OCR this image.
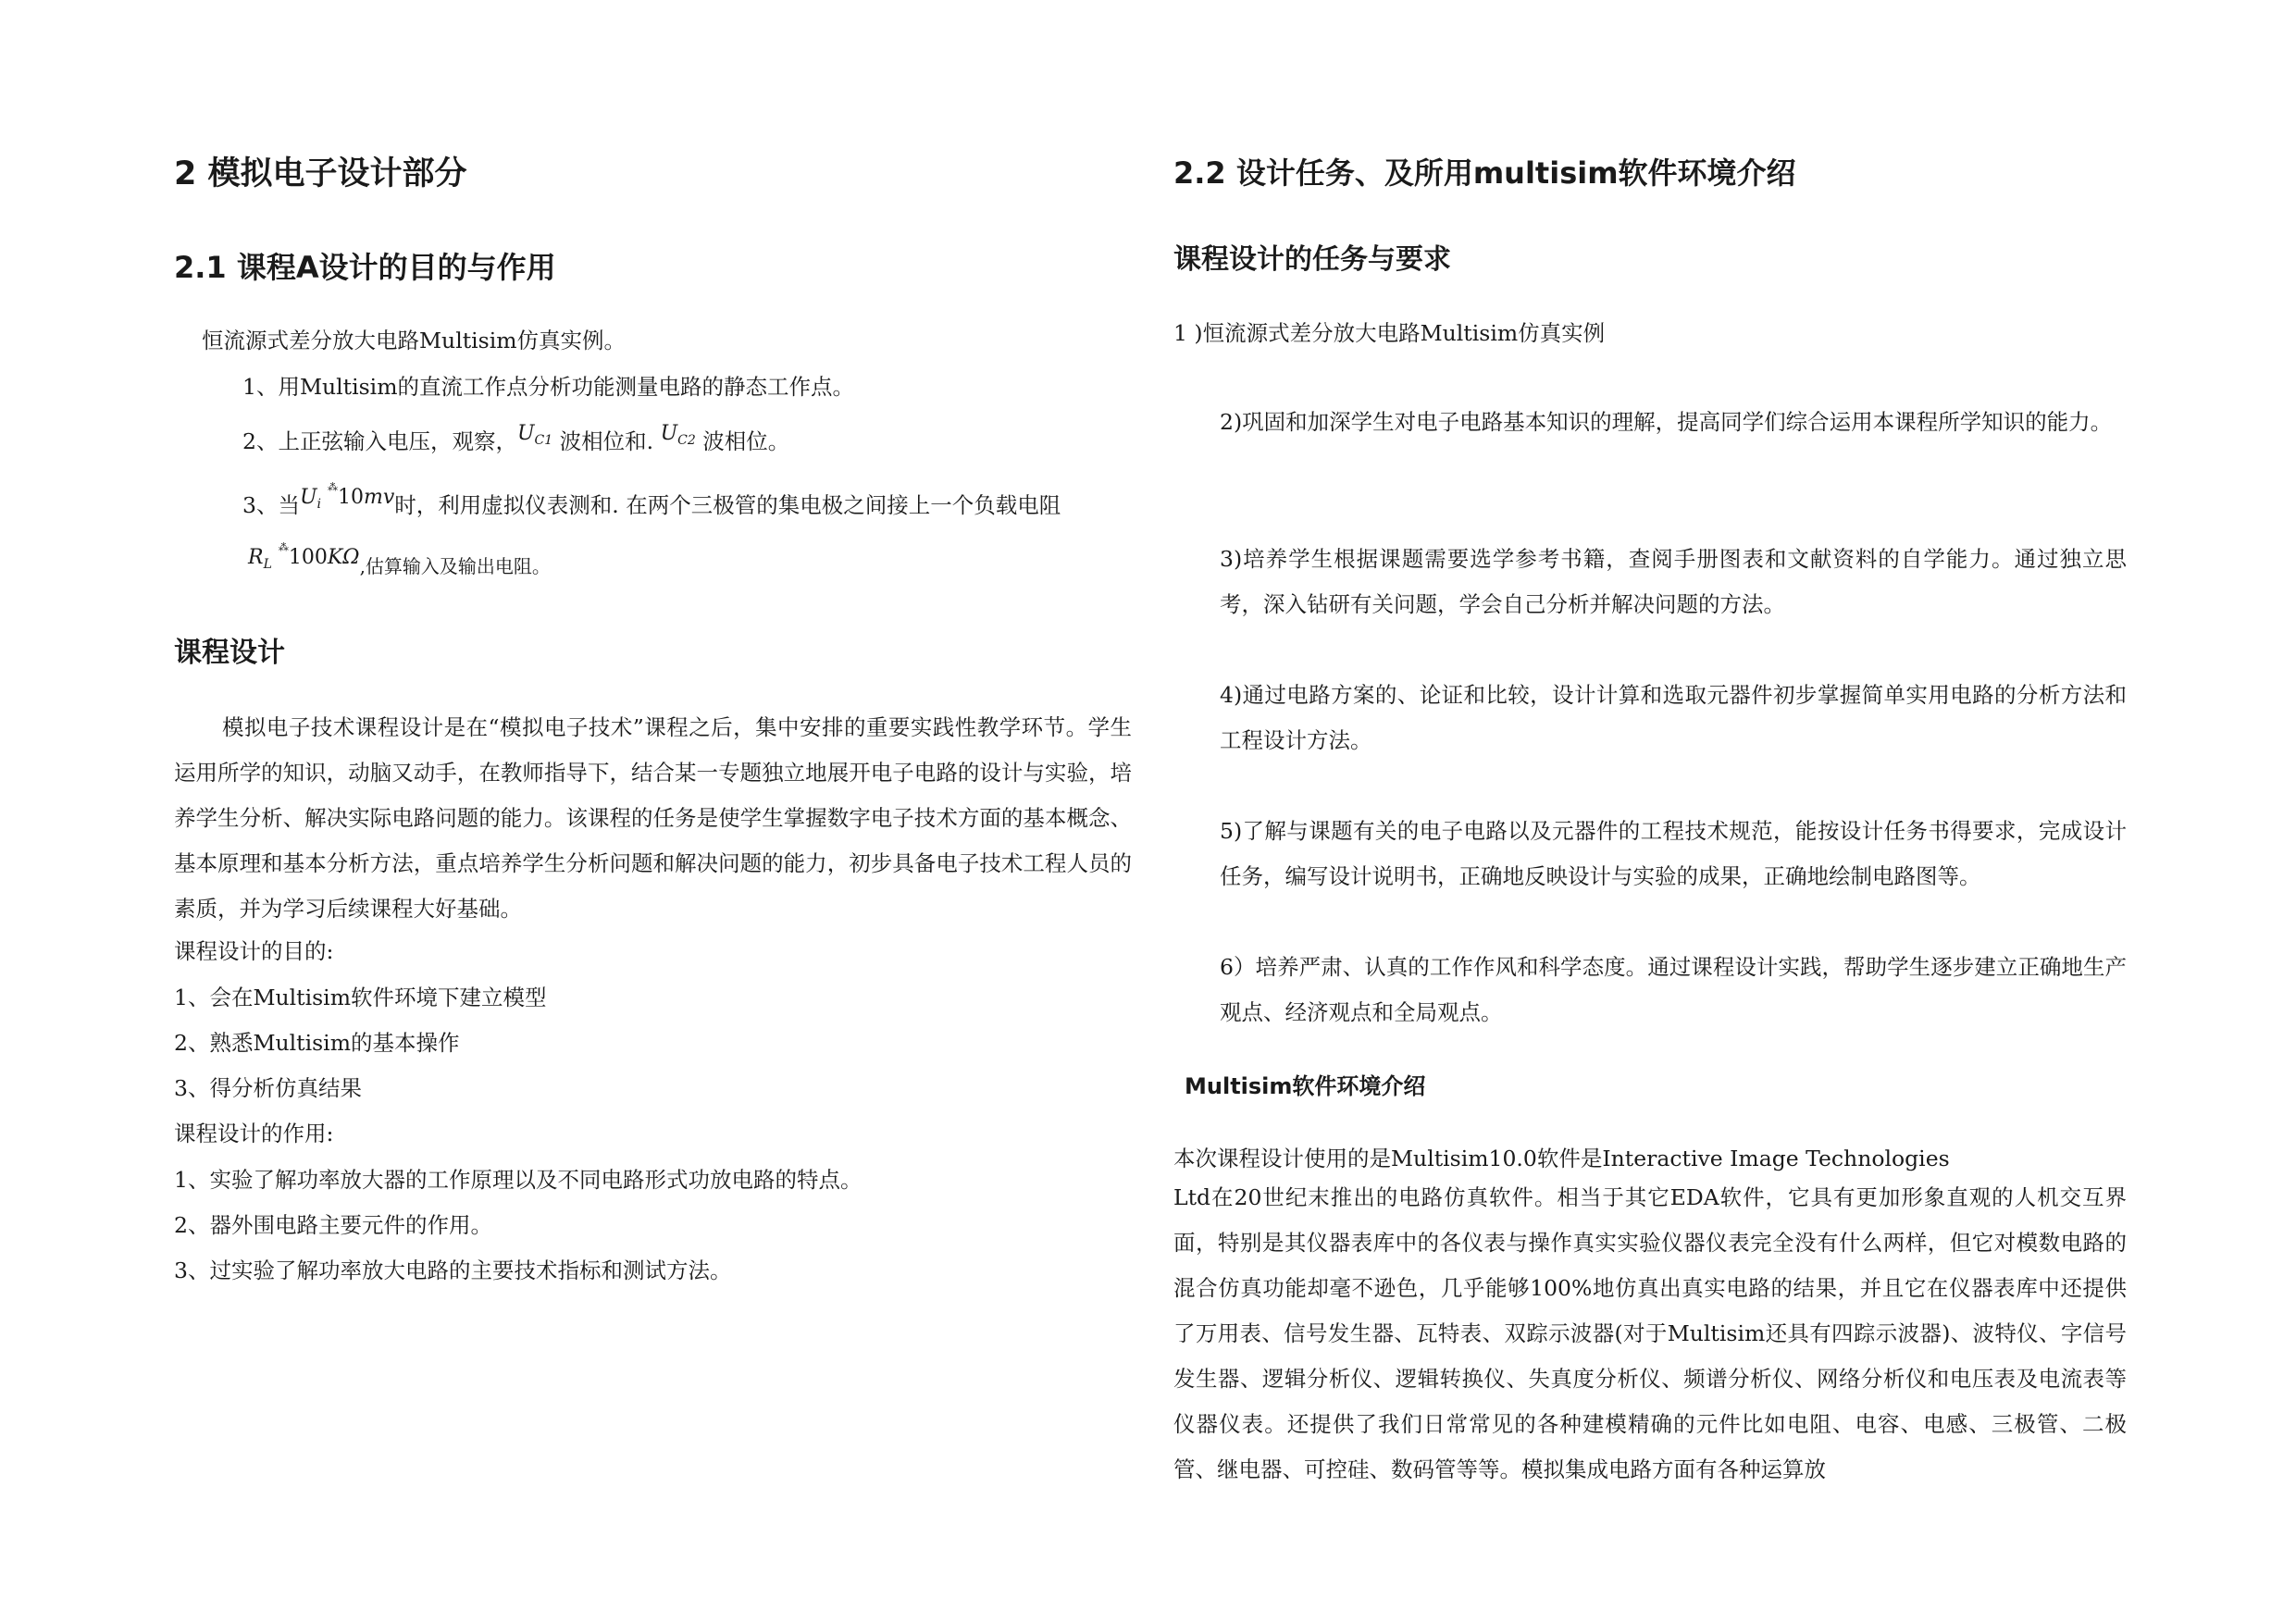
2 模拟电子设计部分
2.1 课程A设计的目的与作用
恒流源式差分放大电路Multisim仿真实例。
1、用Multisim的直流工作点分析功能测量电路的静态工作点。
2、上正弦输入电压，观察，$U_{C1}$ 波相位和. $U_{C2}$ 波相位。
3、当$U_i$ ⁂10mv时，利用虚拟仪表测和. 在两个三极管的集电极之间接上一个负载电阻
$R_L$ ⁂100KΩ,估算输入及输出电阻。
课程设计
模拟电子技术课程设计是在“模拟电子技术”课程之后，集中安排的重要实践性教学环节。学生运用所学的知识，动脑又动手，在教师指导下，结合某一专题独立地展开电子电路的设计与实验，培养学生分析、解决实际电路问题的能力。该课程的任务是使学生掌握数字电子技术方面的基本概念、基本原理和基本分析方法，重点培养学生分析问题和解决问题的能力，初步具备电子技术工程人员的素质，并为学习后续课程大好基础。
课程设计的目的:
1、会在Multisim软件环境下建立模型
2、熟悉Multisim的基本操作
3、得分析仿真结果
课程设计的作用:
1、实验了解功率放大器的工作原理以及不同电路形式功放电路的特点。
2、器外围电路主要元件的作用。
3、过实验了解功率放大电路的主要技术指标和测试方法。
2.2 设计任务、及所用multisim软件环境介绍
课程设计的任务与要求
1 )恒流源式差分放大电路Multisim仿真实例
2)巩固和加深学生对电子电路基本知识的理解，提高同学们综合运用本课程所学知识的能力。
3)培养学生根据课题需要选学参考书籍，查阅手册图表和文献资料的自学能力。通过独立思考，深入钻研有关问题，学会自己分析并解决问题的方法。
4)通过电路方案的、论证和比较，设计计算和选取元器件初步掌握简单实用电路的分析方法和工程设计方法。
5)了解与课题有关的电子电路以及元器件的工程技术规范，能按设计任务书得要求，完成设计任务，编写设计说明书，正确地反映设计与实验的成果，正确地绘制电路图等。
6）培养严肃、认真的工作作风和科学态度。通过课程设计实践，帮助学生逐步建立正确地生产观点、经济观点和全局观点。
Multisim软件环境介绍
本次课程设计使用的是Multisim10.0软件是Interactive Image Technologies
Ltd在20世纪末推出的电路仿真软件。相当于其它EDA软件，它具有更加形象直观的人机交互界面，特别是其仪器表库中的各仪表与操作真实实验仪器仪表完全没有什么两样，但它对模数电路的混合仿真功能却毫不逊色，几乎能够100%地仿真出真实电路的结果，并且它在仪器表库中还提供了万用表、信号发生器、瓦特表、双踪示波器(对于Multisim还具有四踪示波器)、波特仪、字信号发生器、逻辑分析仪、逻辑转换仪、失真度分析仪、频谱分析仪、网络分析仪和电压表及电流表等仪器仪表。还提供了我们日常常见的各种建模精确的元件比如电阻、电容、电感、三极管、二极管、继电器、可控硅、数码管等等。模拟集成电路方面有各种运算放
